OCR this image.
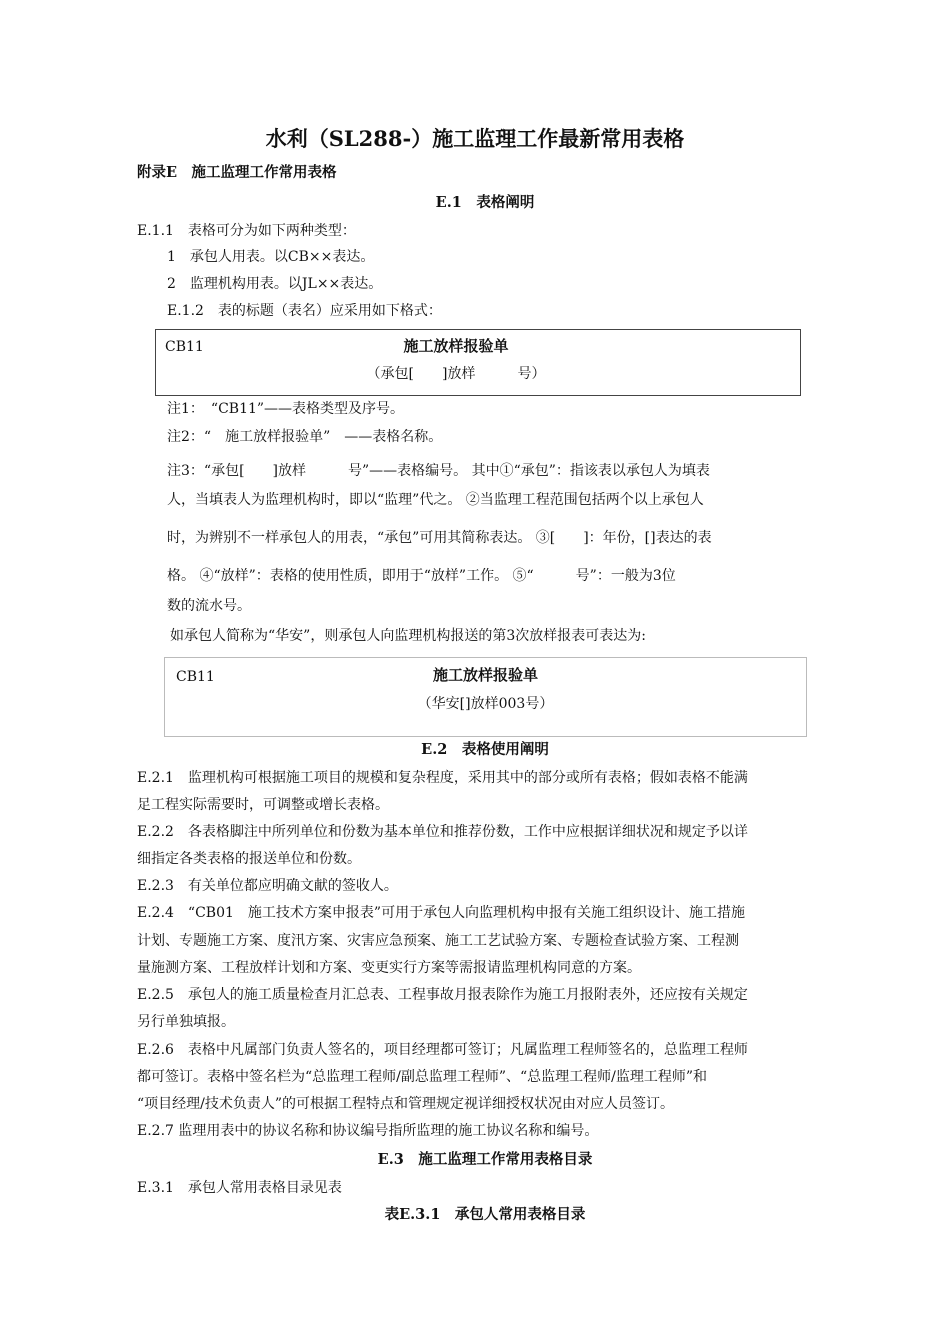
水利（SL288-）施工监理工作最新常用表格
附录E　施工监理工作常用表格
E.1　表格阐明
E.1.1　表格可分为如下两种类型：
1　承包人用表。以CB××表达。
2　监理机构用表。以JL××表达。
E.1.2　表的标题（表名）应采用如下格式：
CB11	施工放样报验单
（承包[　　]放样　　　号）
注1：　“CB11”——表格类型及序号。
注2：“　施工放样报验单”　——表格名称。
注3：“承包[　　]放样　　　号”——表格编号。 其中①“承包”：指该表以承包人为填表
人，当填表人为监理机构时，即以“监理”代之。 ②当监理工程范围包括两个以上承包人
时，为辨别不一样承包人的用表，“承包”可用其简称表达。 ③[　　]：年份，[]表达的表
格。 ④“放样”：表格的使用性质，即用于“放样”工作。 ⑤“　　　号”：一般为3位
数的流水号。
如承包人简称为“华安”，则承包人向监理机构报送的第3次放样报表可表达为:
CB11	施工放样报验单
（华安[]放样003号）
E.2　表格使用阐明
E.2.1　监理机构可根据施工项目的规模和复杂程度，采用其中的部分或所有表格；假如表格不能满
足工程实际需要时，可调整或增长表格。
E.2.2　各表格脚注中所列单位和份数为基本单位和推荐份数，工作中应根据详细状况和规定予以详
细指定各类表格的报送单位和份数。
E.2.3　有关单位都应明确文献的签收人。
E.2.4　“CB01　施工技术方案申报表”可用于承包人向监理机构申报有关施工组织设计、施工措施
计划、专题施工方案、度汛方案、灾害应急预案、施工工艺试验方案、专题检查试验方案、工程测
量施测方案、工程放样计划和方案、变更实行方案等需报请监理机构同意的方案。
E.2.5　承包人的施工质量检查月汇总表、工程事故月报表除作为施工月报附表外，还应按有关规定
另行单独填报。
E.2.6　表格中凡属部门负责人签名的，项目经理都可签订；凡属监理工程师签名的，总监理工程师
都可签订。表格中签名栏为“总监理工程师/副总监理工程师”、“总监理工程师/监理工程师”和
“项目经理/技术负责人”的可根据工程特点和管理规定视详细授权状况由对应人员签订。
E.2.7 监理用表中的协议名称和协议编号指所监理的施工协议名称和编号。
E.3　施工监理工作常用表格目录
E.3.1　承包人常用表格目录见表
表E.3.1　承包人常用表格目录
